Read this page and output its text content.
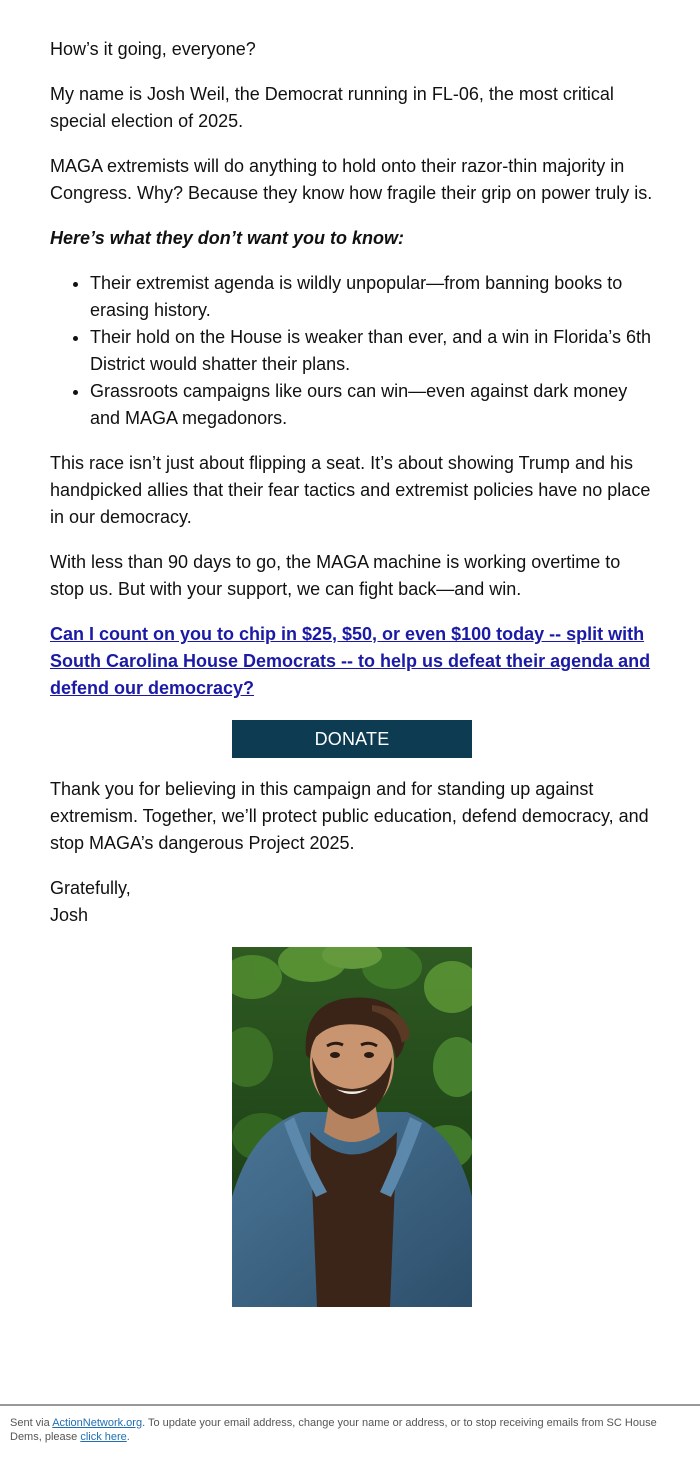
How’s it going, everyone?

My name is Josh Weil, the Democrat running in FL-06, the most critical special election of 2025.

MAGA extremists will do anything to hold onto their razor-thin majority in Congress. Why? Because they know how fragile their grip on power truly is.

Here’s what they don’t want you to know:

• Their extremist agenda is wildly unpopular—from banning books to erasing history.
• Their hold on the House is weaker than ever, and a win in Florida’s 6th District would shatter their plans.
• Grassroots campaigns like ours can win—even against dark money and MAGA megadonors.

This race isn’t just about flipping a seat. It’s about showing Trump and his handpicked allies that their fear tactics and extremist policies have no place in our democracy.

With less than 90 days to go, the MAGA machine is working overtime to stop us. But with your support, we can fight back—and win.

Can I count on you to chip in $25, $50, or even $100 today -- split with South Carolina House Democrats -- to help us defeat their agenda and defend our democracy?

DONATE

Thank you for believing in this campaign and for standing up against extremism. Together, we’ll protect public education, defend democracy, and stop MAGA’s dangerous Project 2025.

Gratefully,
Josh

Sent via ActionNetwork.org. To update your email address, change your name or address, or to stop receiving emails from SC House Dems, please click here.
